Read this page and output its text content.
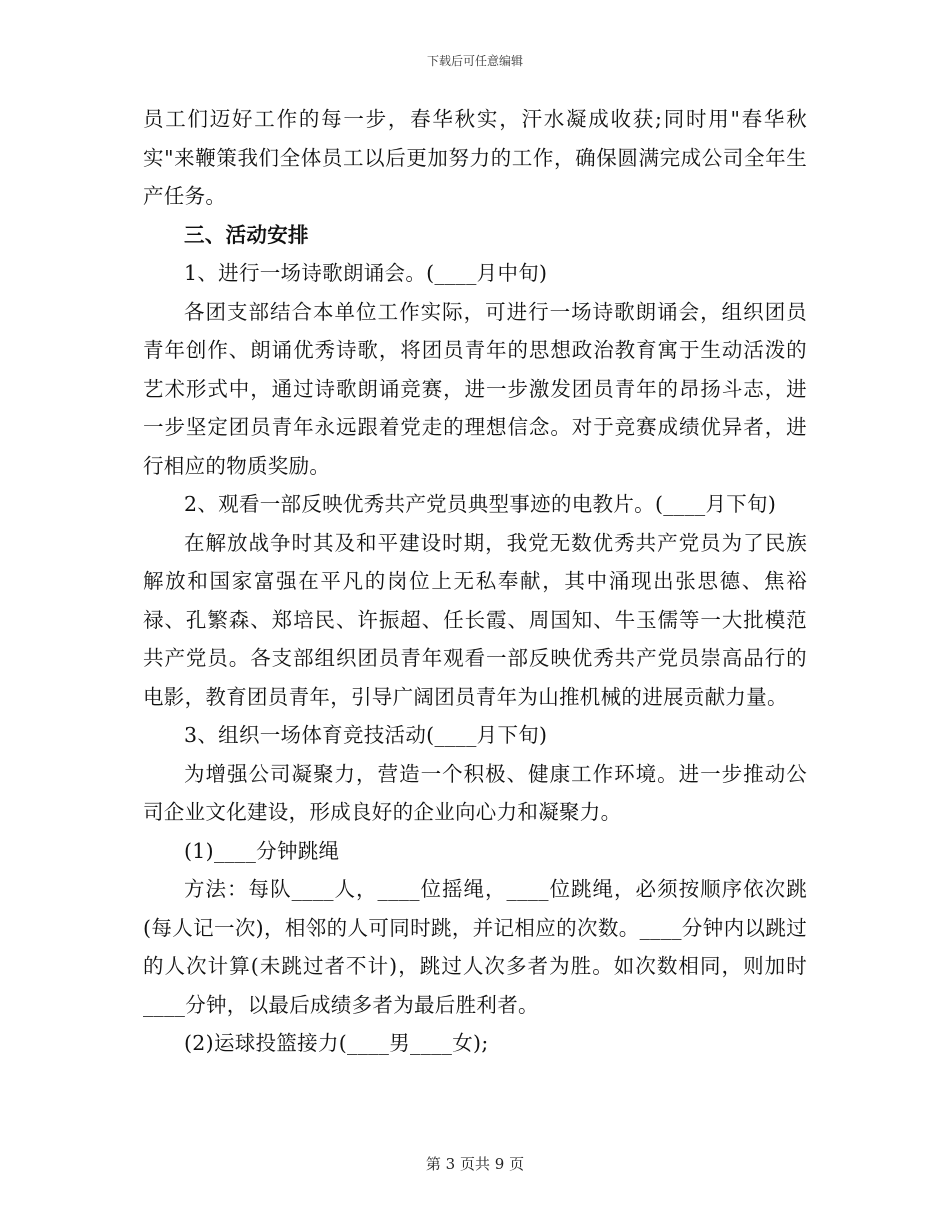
下载后可任意编辑

员工们迈好工作的每一步，春华秋实，汗水凝成收获;同时用"春华秋实"来鞭策我们全体员工以后更加努力的工作，确保圆满完成公司全年生产任务。

三、活动安排

1、进行一场诗歌朗诵会。(____月中旬)

各团支部结合本单位工作实际，可进行一场诗歌朗诵会，组织团员青年创作、朗诵优秀诗歌，将团员青年的思想政治教育寓于生动活泼的艺术形式中，通过诗歌朗诵竞赛，进一步激发团员青年的昂扬斗志，进一步坚定团员青年永远跟着党走的理想信念。对于竞赛成绩优异者，进行相应的物质奖励。

2、观看一部反映优秀共产党员典型事迹的电教片。(____月下旬)

在解放战争时其及和平建设时期，我党无数优秀共产党员为了民族解放和国家富强在平凡的岗位上无私奉献，其中涌现出张思德、焦裕禄、孔繁森、郑培民、许振超、任长霞、周国知、牛玉儒等一大批模范共产党员。各支部组织团员青年观看一部反映优秀共产党员崇高品行的电影，教育团员青年，引导广阔团员青年为山推机械的进展贡献力量。

3、组织一场体育竞技活动(____月下旬)

为增强公司凝聚力，营造一个积极、健康工作环境。进一步推动公司企业文化建设，形成良好的企业向心力和凝聚力。

(1)____分钟跳绳

方法：每队____人，____位摇绳，____位跳绳，必须按顺序依次跳(每人记一次)，相邻的人可同时跳，并记相应的次数。____分钟内以跳过的人次计算(未跳过者不计)，跳过人次多者为胜。如次数相同，则加时____分钟，以最后成绩多者为最后胜利者。

(2)运球投篮接力(____男____女);

第 3 页共 9 页
